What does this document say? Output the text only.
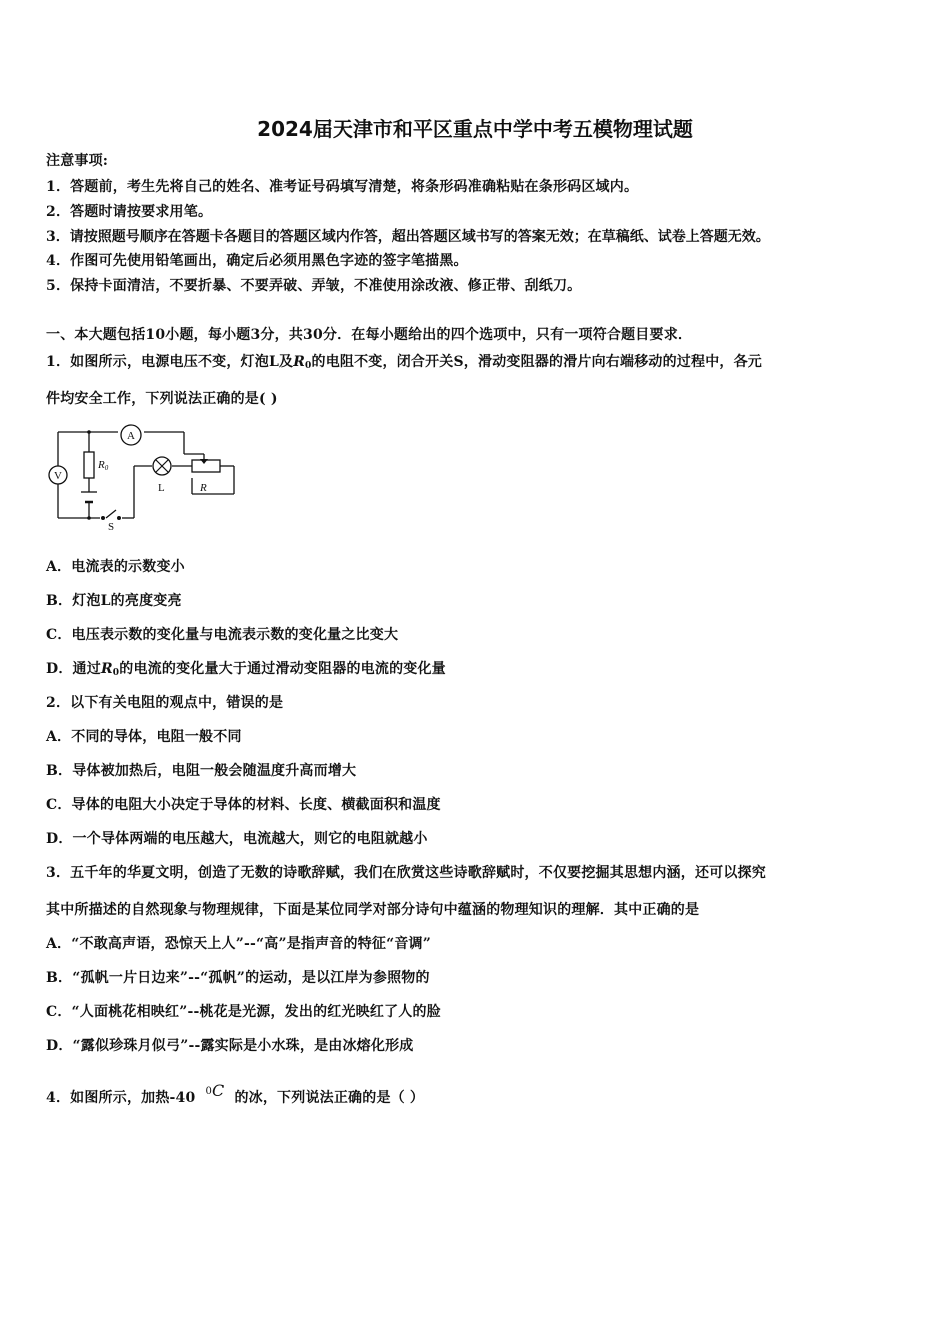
2024届天津市和平区重点中学中考五模物理试题
注意事项:
1．答题前，考生先将自己的姓名、准考证号码填写清楚，将条形码准确粘贴在条形码区域内。
2．答题时请按要求用笔。
3．请按照题号顺序在答题卡各题目的答题区域内作答，超出答题区域书写的答案无效；在草稿纸、试卷上答题无效。
4．作图可先使用铅笔画出，确定后必须用黑色字迹的签字笔描黑。
5．保持卡面清洁，不要折暴、不要弄破、弄皱，不准使用涂改液、修正带、刮纸刀。
一、本大题包括10小题，每小题3分，共30分．在每小题给出的四个选项中，只有一项符合题目要求．
1．如图所示，电源电压不变，灯泡L及$R_0$的电阻不变，闭合开关S，滑动变阻器的滑片向右端移动的过程中，各元
件均安全工作，下列说法正确的是( )
A
V
R0
L	R
S
A．电流表的示数变小
B．灯泡L的亮度变亮
C．电压表示数的变化量与电流表示数的变化量之比变大
D．通过$R_0$的电流的变化量大于通过滑动变阻器的电流的变化量
2．以下有关电阻的观点中，错误的是
A．不同的导体，电阻一般不同
B．导体被加热后，电阻一般会随温度升高而增大
C．导体的电阻大小决定于导体的材料、长度、横截面积和温度
D．一个导体两端的电压越大，电流越大，则它的电阻就越小
3．五千年的华夏文明，创造了无数的诗歌辞赋，我们在欣赏这些诗歌辞赋时，不仅要挖掘其思想内涵，还可以探究
其中所描述的自然现象与物理规律，下面是某位同学对部分诗句中蕴涵的物理知识的理解．其中正确的是
A．“不敢高声语，恐惊天上人”--“高”是指声音的特征“音调”
B．“孤帆一片日边来”--“孤帆”的运动，是以江岸为参照物的
C．“人面桃花相映红”--桃花是光源，发出的红光映红了人的脸
D．“露似珍珠月似弓”--露实际是小水珠，是由冰熔化形成
4．如图所示，加热-40 $^0$C 的冰，下列说法正确的是（ ）
